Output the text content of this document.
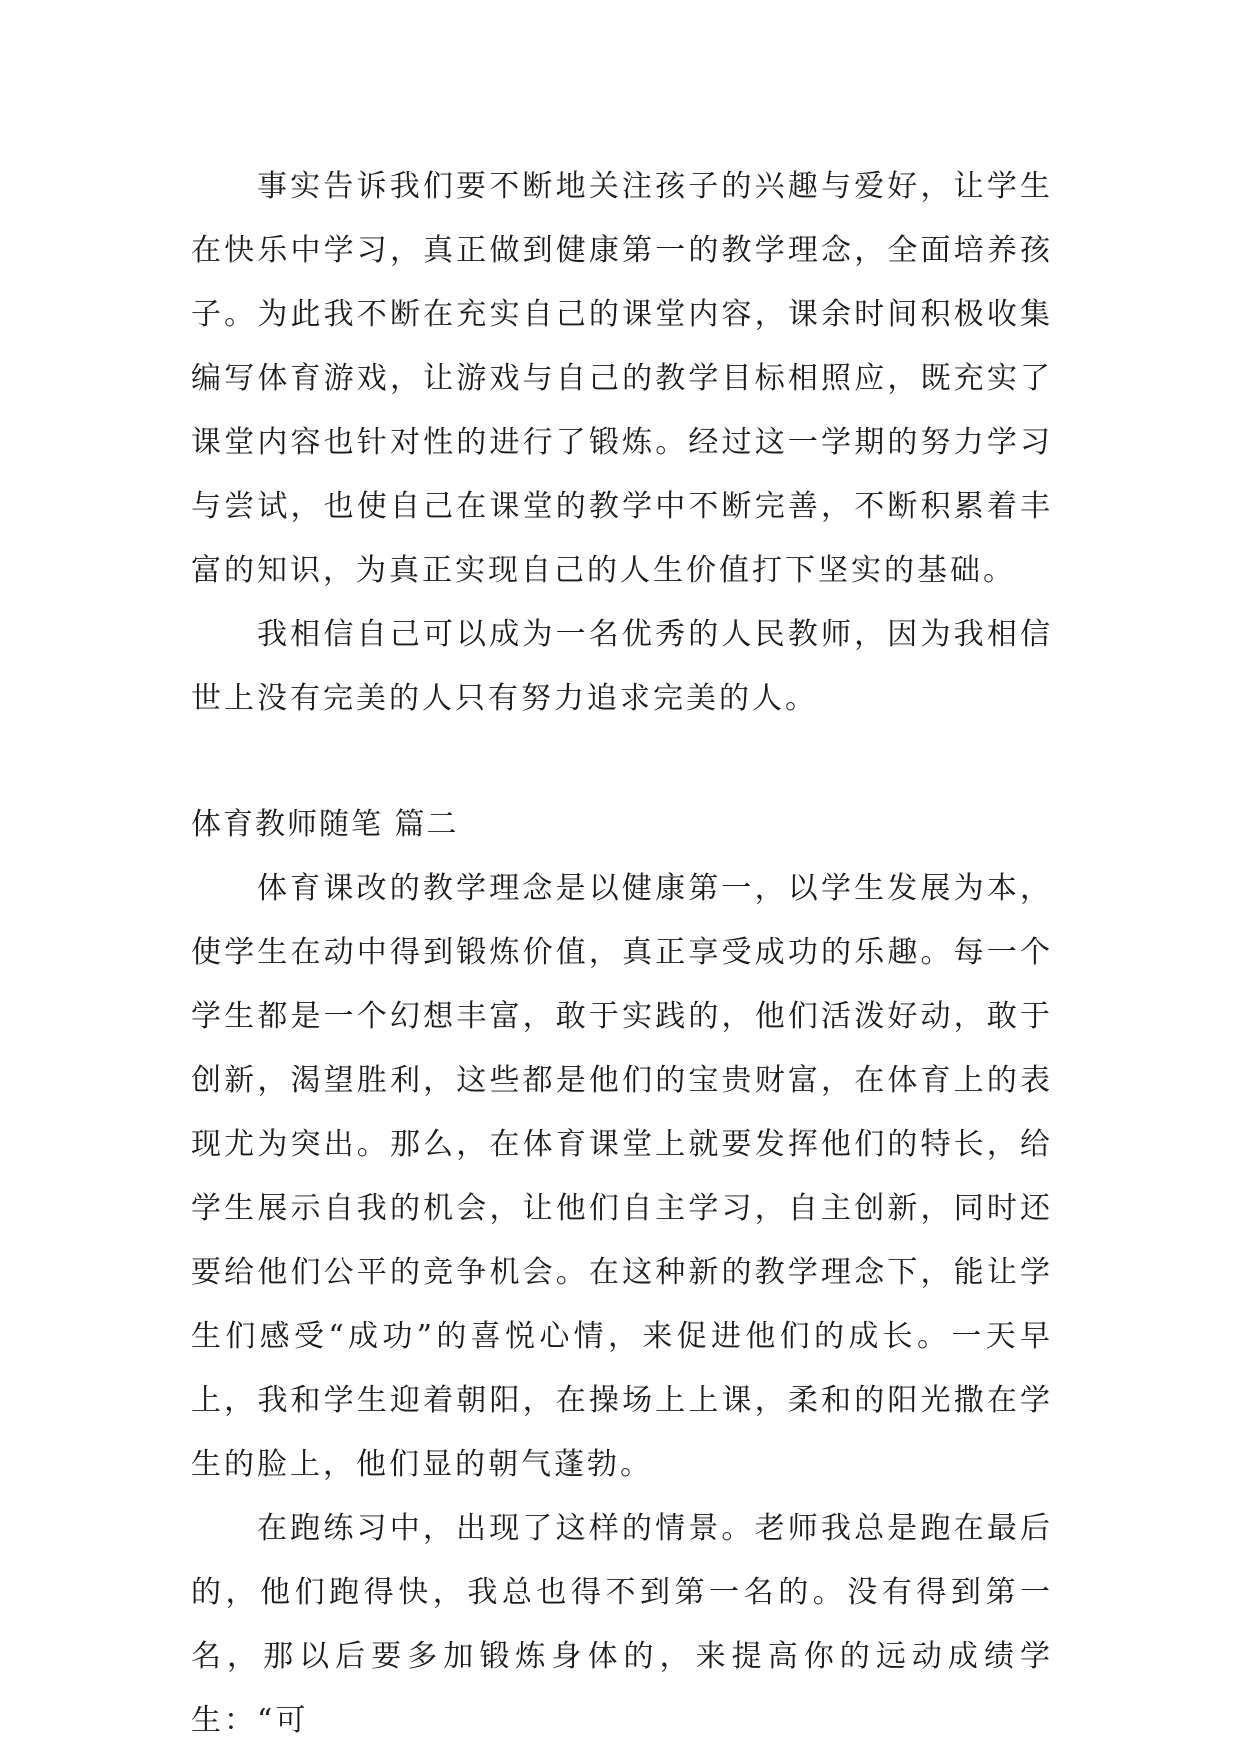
事实告诉我们要不断地关注孩子的兴趣与爱好，让学生在快乐中学习，真正做到健康第一的教学理念，全面培养孩子。为此我不断在充实自己的课堂内容，课余时间积极收集编写体育游戏，让游戏与自己的教学目标相照应，既充实了课堂内容也针对性的进行了锻炼。经过这一学期的努力学习与尝试，也使自己在课堂的教学中不断完善，不断积累着丰富的知识，为真正实现自己的人生价值打下坚实的基础。

我相信自己可以成为一名优秀的人民教师，因为我相信世上没有完美的人只有努力追求完美的人。

体育教师随笔 篇二

体育课改的教学理念是以健康第一，以学生发展为本，使学生在动中得到锻炼价值，真正享受成功的乐趣。每一个学生都是一个幻想丰富，敢于实践的，他们活泼好动，敢于创新，渴望胜利，这些都是他们的宝贵财富，在体育上的表现尤为突出。那么，在体育课堂上就要发挥他们的特长，给学生展示自我的机会，让他们自主学习，自主创新，同时还要给他们公平的竞争机会。在这种新的教学理念下，能让学生们感受“成功”的喜悦心情，来促进他们的成长。一天早上，我和学生迎着朝阳，在操场上上课，柔和的阳光撒在学生的脸上，他们显的朝气蓬勃。

在跑练习中，出现了这样的情景。老师我总是跑在最后的，他们跑得快，我总也得不到第一名的。没有得到第一名，那以后要多加锻炼身体的，来提高你的远动成绩学生：“可
